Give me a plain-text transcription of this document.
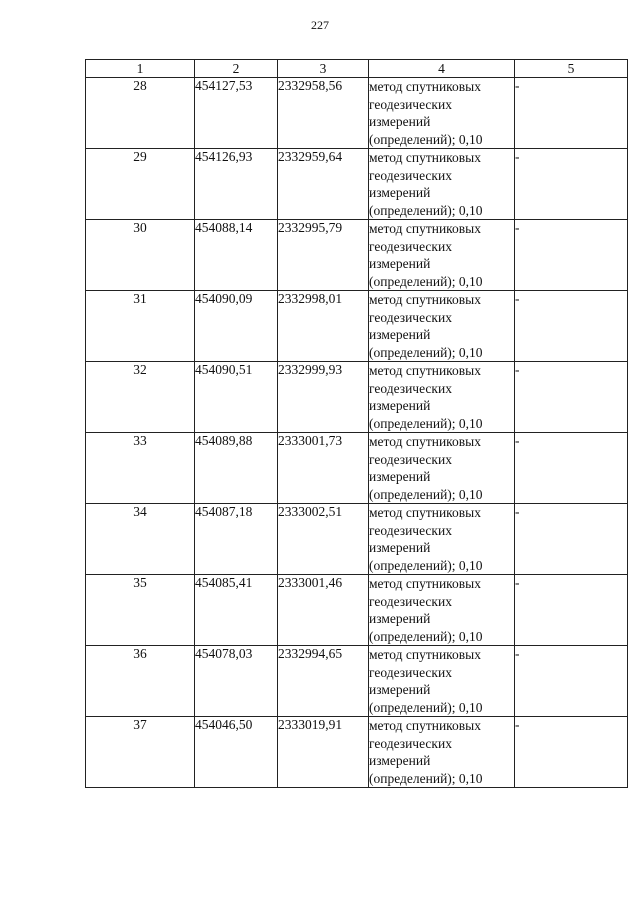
227
1	2	3	4	5
28	454127,53	2332958,56	метод спутниковых геодезических измерений (определений); 0,10	-
29	454126,93	2332959,64	метод спутниковых геодезических измерений (определений); 0,10	-
30	454088,14	2332995,79	метод спутниковых геодезических измерений (определений); 0,10	-
31	454090,09	2332998,01	метод спутниковых геодезических измерений (определений); 0,10	-
32	454090,51	2332999,93	метод спутниковых геодезических измерений (определений); 0,10	-
33	454089,88	2333001,73	метод спутниковых геодезических измерений (определений); 0,10	-
34	454087,18	2333002,51	метод спутниковых геодезических измерений (определений); 0,10	-
35	454085,41	2333001,46	метод спутниковых геодезических измерений (определений); 0,10	-
36	454078,03	2332994,65	метод спутниковых геодезических измерений (определений); 0,10	-
37	454046,50	2333019,91	метод спутниковых геодезических измерений (определений); 0,10	-
